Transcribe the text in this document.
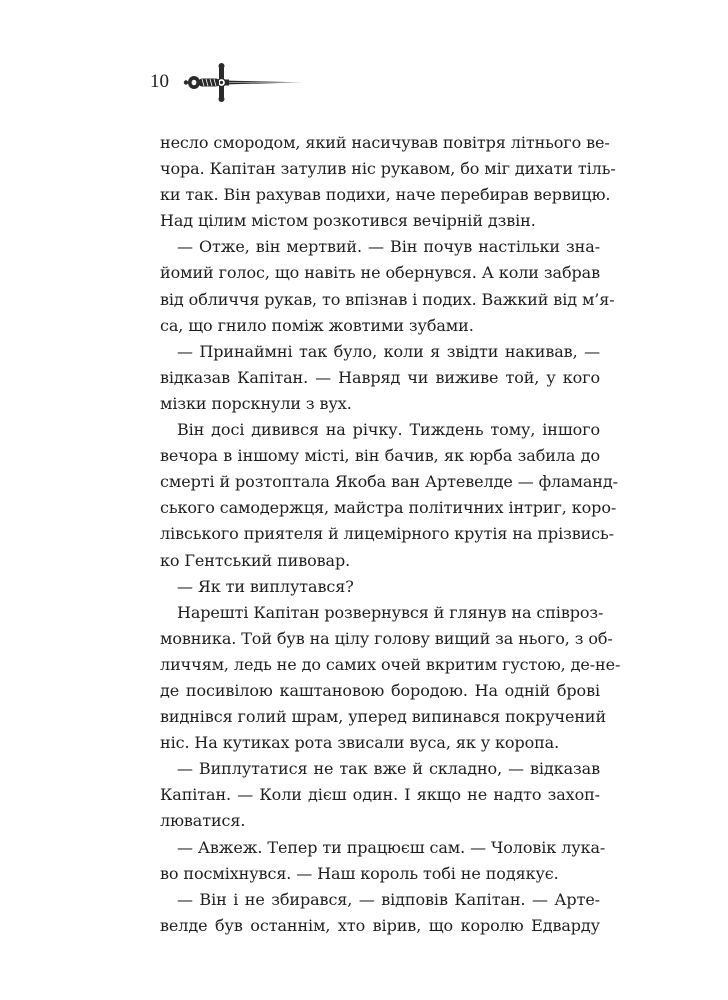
10
несло смородом, який насичував повітря літнього ве-
чора. Капітан затулив ніс рукавом, бо міг дихати тіль-
ки так. Він рахував подихи, наче перебирав вервицю.
Над цілим містом розкотився вечірній дзвін.
— Отже, він мертвий. — Він почув настільки зна-
йомий голос, що навіть не обернувся. А коли забрав
від обличчя рукав, то впізнав і подих. Важкий від м’я-
са, що гнило поміж жовтими зубами.
— Принаймні так було, коли я звідти накивав, —
відказав Капітан. — Навряд чи виживе той, у кого
мізки порскнули з вух.
Він досі дивився на річку. Тиждень тому, іншого
вечора в іншому місті, він бачив, як юрба забила до
смерті й розтоптала Якоба ван Артевелде — фламанд-
ського самодержця, майстра політичних інтриг, коро-
лівського приятеля й лицемірного крутія на прізвись-
ко Гентський пивовар.
— Як ти виплутався?
Нарешті Капітан розвернувся й глянув на співроз-
мовника. Той був на цілу голову вищий за нього, з об-
личчям, ледь не до самих очей вкритим густою, де-не-
де посивілою каштановою бородою. На одній брові
виднівся голий шрам, уперед випинався покручений
ніс. На кутиках рота звисали вуса, як у коропа.
— Виплутатися не так вже й складно, — відказав
Капітан. — Коли дієш один. І якщо не надто захоп-
люватися.
— Авжеж. Тепер ти працюєш сам. — Чоловік лука-
во посміхнувся. — Наш король тобі не подякує.
— Він і не збирався, — відповів Капітан. — Арте-
велде був останнім, хто вірив, що королю Едварду
